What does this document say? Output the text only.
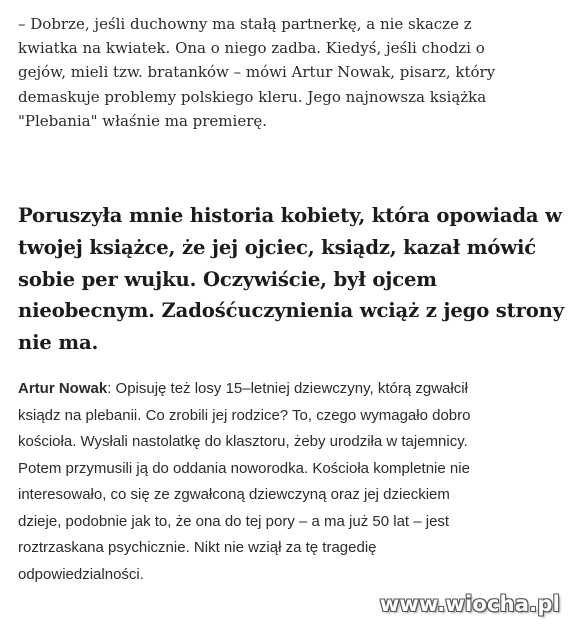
– Dobrze, jeśli duchowny ma stałą partnerkę, a nie skacze z
kwiatka na kwiatek. Ona o niego zadba. Kiedyś, jeśli chodzi o
gejów, mieli tzw. bratanków – mówi Artur Nowak, pisarz, który
demaskuje problemy polskiego kleru. Jego najnowsza książka
"Plebania" właśnie ma premierę.
Poruszyła mnie historia kobiety, która opowiada w
twojej książce, że jej ojciec, ksiądz, kazał mówić
sobie per wujku. Oczywiście, był ojcem
nieobecnym. Zadośćuczynienia wciąż z jego strony
nie ma.
Artur Nowak: Opisuję też losy 15–letniej dziewczyny, którą zgwałcił
ksiądz na plebanii. Co zrobili jej rodzice? To, czego wymagało dobro
kościoła. Wysłali nastolatkę do klasztoru, żeby urodziła w tajemnicy.
Potem przymusili ją do oddania noworodka. Kościoła kompletnie nie
interesowało, co się ze zgwałconą dziewczyną oraz jej dzieckiem
dzieje, podobnie jak to, że ona do tej pory – a ma już 50 lat – jest
roztrzaskana psychicznie. Nikt nie wziął za tę tragedię
odpowiedzialności.
www.wiocha.pl
